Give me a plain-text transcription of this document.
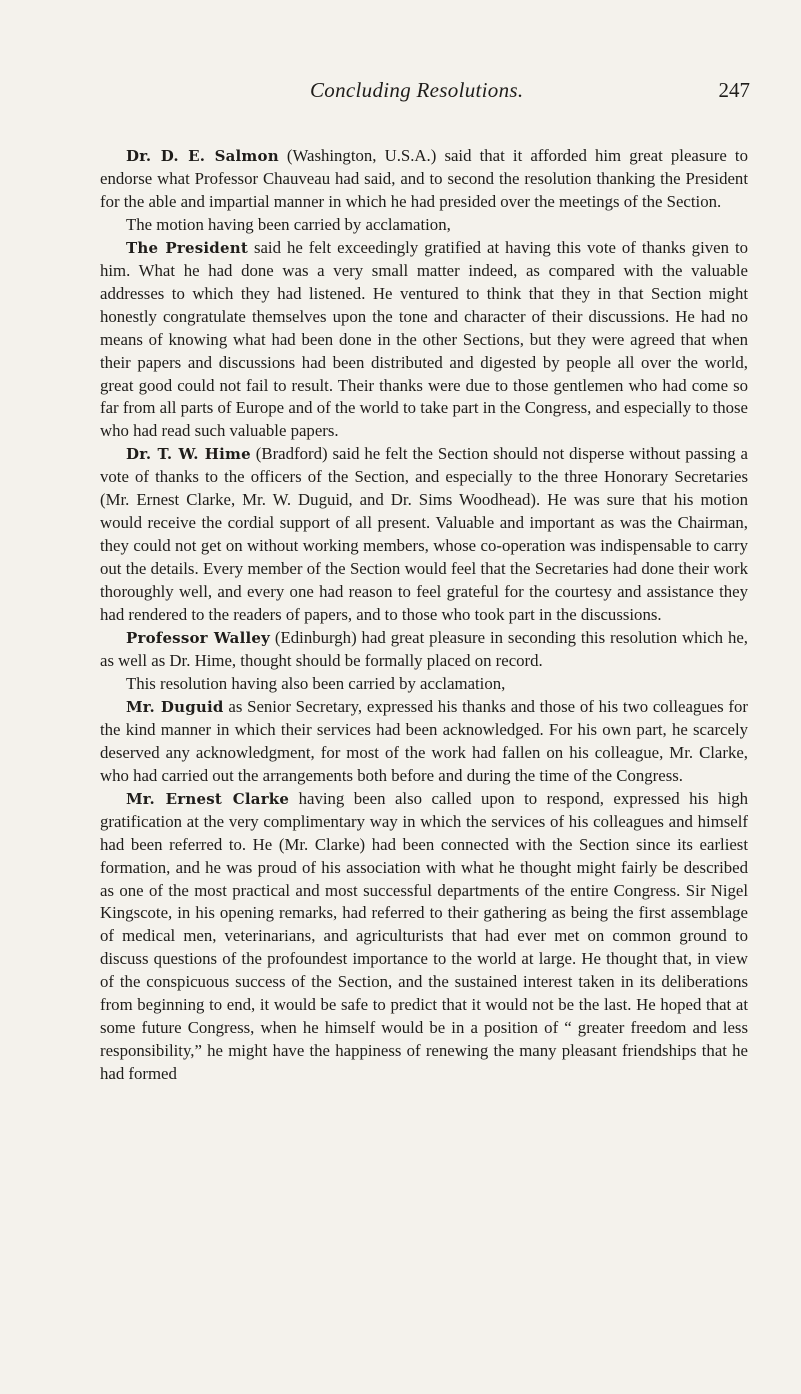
Concluding Resolutions.	247

Dr. D. E. Salmon (Washington, U.S.A.) said that it afforded him great pleasure to endorse what Professor Chauveau had said, and to second the resolution thanking the President for the able and impartial manner in which he had presided over the meetings of the Section.

The motion having been carried by acclamation,

The President said he felt exceedingly gratified at having this vote of thanks given to him. What he had done was a very small matter indeed, as compared with the valuable addresses to which they had listened. He ventured to think that they in that Section might honestly congratulate themselves upon the tone and character of their discussions. He had no means of knowing what had been done in the other Sections, but they were agreed that when their papers and discussions had been distributed and digested by people all over the world, great good could not fail to result. Their thanks were due to those gentlemen who had come so far from all parts of Europe and of the world to take part in the Congress, and especially to those who had read such valuable papers.

Dr. T. W. Hime (Bradford) said he felt the Section should not disperse without passing a vote of thanks to the officers of the Section, and especially to the three Honorary Secretaries (Mr. Ernest Clarke, Mr. W. Duguid, and Dr. Sims Woodhead). He was sure that his motion would receive the cordial support of all present. Valuable and important as was the Chairman, they could not get on without working members, whose co-operation was indispensable to carry out the details. Every member of the Section would feel that the Secretaries had done their work thoroughly well, and every one had reason to feel grateful for the courtesy and assistance they had rendered to the readers of papers, and to those who took part in the discussions.

Professor Walley (Edinburgh) had great pleasure in seconding this resolution which he, as well as Dr. Hime, thought should be formally placed on record.

This resolution having also been carried by acclamation,

Mr. Duguid as Senior Secretary, expressed his thanks and those of his two colleagues for the kind manner in which their services had been acknowledged. For his own part, he scarcely deserved any acknowledgment, for most of the work had fallen on his colleague, Mr. Clarke, who had carried out the arrangements both before and during the time of the Congress.

Mr. Ernest Clarke having been also called upon to respond, expressed his high gratification at the very complimentary way in which the services of his colleagues and himself had been referred to. He (Mr. Clarke) had been connected with the Section since its earliest formation, and he was proud of his association with what he thought might fairly be described as one of the most practical and most successful departments of the entire Congress. Sir Nigel Kingscote, in his opening remarks, had referred to their gathering as being the first assemblage of medical men, veterinarians, and agriculturists that had ever met on common ground to discuss questions of the profoundest importance to the world at large. He thought that, in view of the conspicuous success of the Section, and the sustained interest taken in its deliberations from beginning to end, it would be safe to predict that it would not be the last. He hoped that at some future Congress, when he himself would be in a position of “ greater freedom and less responsibility,” he might have the happiness of renewing the many pleasant friendships that he had formed
